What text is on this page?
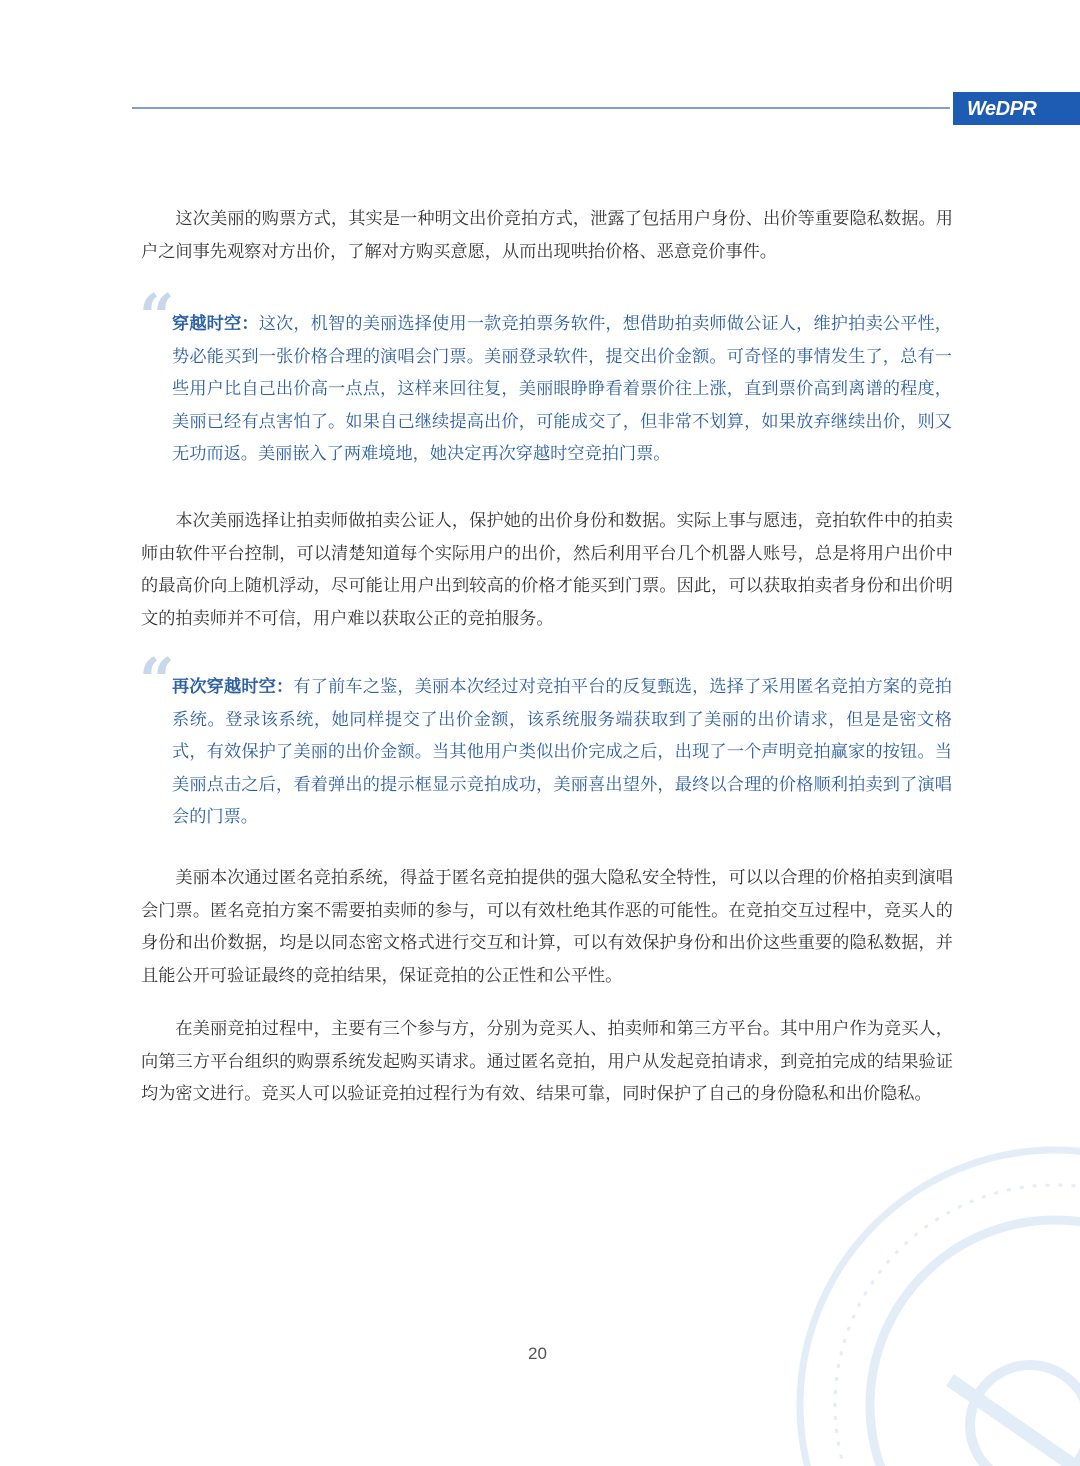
WeDPR

这次美丽的购票方式，其实是一种明文出价竞拍方式，泄露了包括用户身份、出价等重要隐私数据。用户之间事先观察对方出价，了解对方购买意愿，从而出现哄抬价格、恶意竞价事件。

“

穿越时空：这次，机智的美丽选择使用一款竞拍票务软件，想借助拍卖师做公证人，维护拍卖公平性，势必能买到一张价格合理的演唱会门票。美丽登录软件，提交出价金额。可奇怪的事情发生了，总有一些用户比自己出价高一点点，这样来回往复，美丽眼睁睁看着票价往上涨，直到票价高到离谱的程度，美丽已经有点害怕了。如果自己继续提高出价，可能成交了，但非常不划算，如果放弃继续出价，则又无功而返。美丽嵌入了两难境地，她决定再次穿越时空竞拍门票。

本次美丽选择让拍卖师做拍卖公证人，保护她的出价身份和数据。实际上事与愿违，竞拍软件中的拍卖师由软件平台控制，可以清楚知道每个实际用户的出价，然后利用平台几个机器人账号，总是将用户出价中的最高价向上随机浮动，尽可能让用户出到较高的价格才能买到门票。因此，可以获取拍卖者身份和出价明文的拍卖师并不可信，用户难以获取公正的竞拍服务。

“

再次穿越时空：有了前车之鉴，美丽本次经过对竞拍平台的反复甄选，选择了采用匿名竞拍方案的竞拍系统。登录该系统，她同样提交了出价金额，该系统服务端获取到了美丽的出价请求，但是是密文格式，有效保护了美丽的出价金额。当其他用户类似出价完成之后，出现了一个声明竞拍赢家的按钮。当美丽点击之后，看着弹出的提示框显示竞拍成功，美丽喜出望外，最终以合理的价格顺利拍卖到了演唱会的门票。

美丽本次通过匿名竞拍系统，得益于匿名竞拍提供的强大隐私安全特性，可以以合理的价格拍卖到演唱会门票。匿名竞拍方案不需要拍卖师的参与，可以有效杜绝其作恶的可能性。在竞拍交互过程中，竞买人的身份和出价数据，均是以同态密文格式进行交互和计算，可以有效保护身份和出价这些重要的隐私数据，并且能公开可验证最终的竞拍结果，保证竞拍的公正性和公平性。

在美丽竞拍过程中，主要有三个参与方，分别为竞买人、拍卖师和第三方平台。其中用户作为竞买人，向第三方平台组织的购票系统发起购买请求。通过匿名竞拍，用户从发起竞拍请求，到竞拍完成的结果验证均为密文进行。竞买人可以验证竞拍过程行为有效、结果可靠，同时保护了自己的身份隐私和出价隐私。

20
